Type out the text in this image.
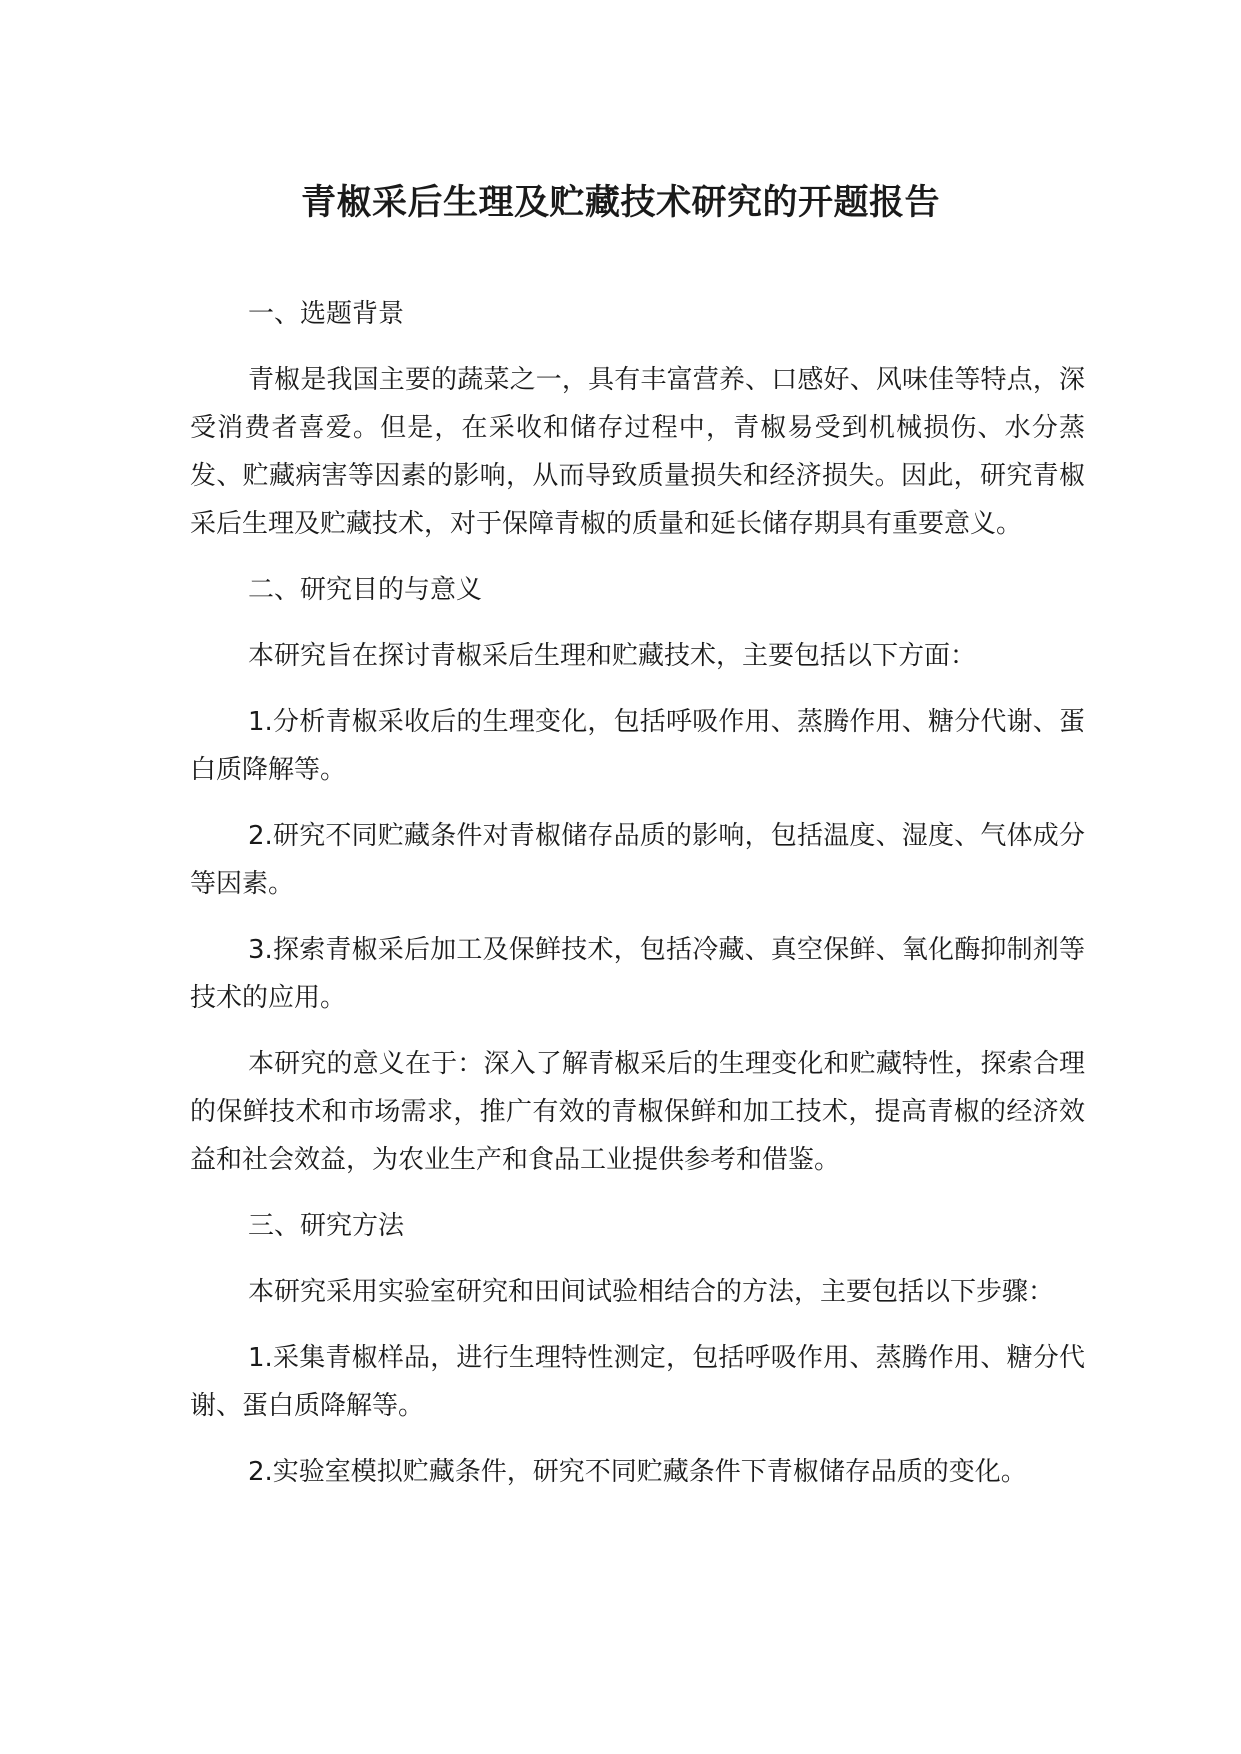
青椒采后生理及贮藏技术研究的开题报告

一、选题背景

青椒是我国主要的蔬菜之一，具有丰富营养、口感好、风味佳等特点，深受消费者喜爱。但是，在采收和储存过程中，青椒易受到机械损伤、水分蒸发、贮藏病害等因素的影响，从而导致质量损失和经济损失。因此，研究青椒采后生理及贮藏技术，对于保障青椒的质量和延长储存期具有重要意义。

二、研究目的与意义

本研究旨在探讨青椒采后生理和贮藏技术，主要包括以下方面：

1.分析青椒采收后的生理变化，包括呼吸作用、蒸腾作用、糖分代谢、蛋白质降解等。

2.研究不同贮藏条件对青椒储存品质的影响，包括温度、湿度、气体成分等因素。

3.探索青椒采后加工及保鲜技术，包括冷藏、真空保鲜、氧化酶抑制剂等技术的应用。

本研究的意义在于：深入了解青椒采后的生理变化和贮藏特性，探索合理的保鲜技术和市场需求，推广有效的青椒保鲜和加工技术，提高青椒的经济效益和社会效益，为农业生产和食品工业提供参考和借鉴。

三、研究方法

本研究采用实验室研究和田间试验相结合的方法，主要包括以下步骤：

1.采集青椒样品，进行生理特性测定，包括呼吸作用、蒸腾作用、糖分代谢、蛋白质降解等。

2.实验室模拟贮藏条件，研究不同贮藏条件下青椒储存品质的变化。
